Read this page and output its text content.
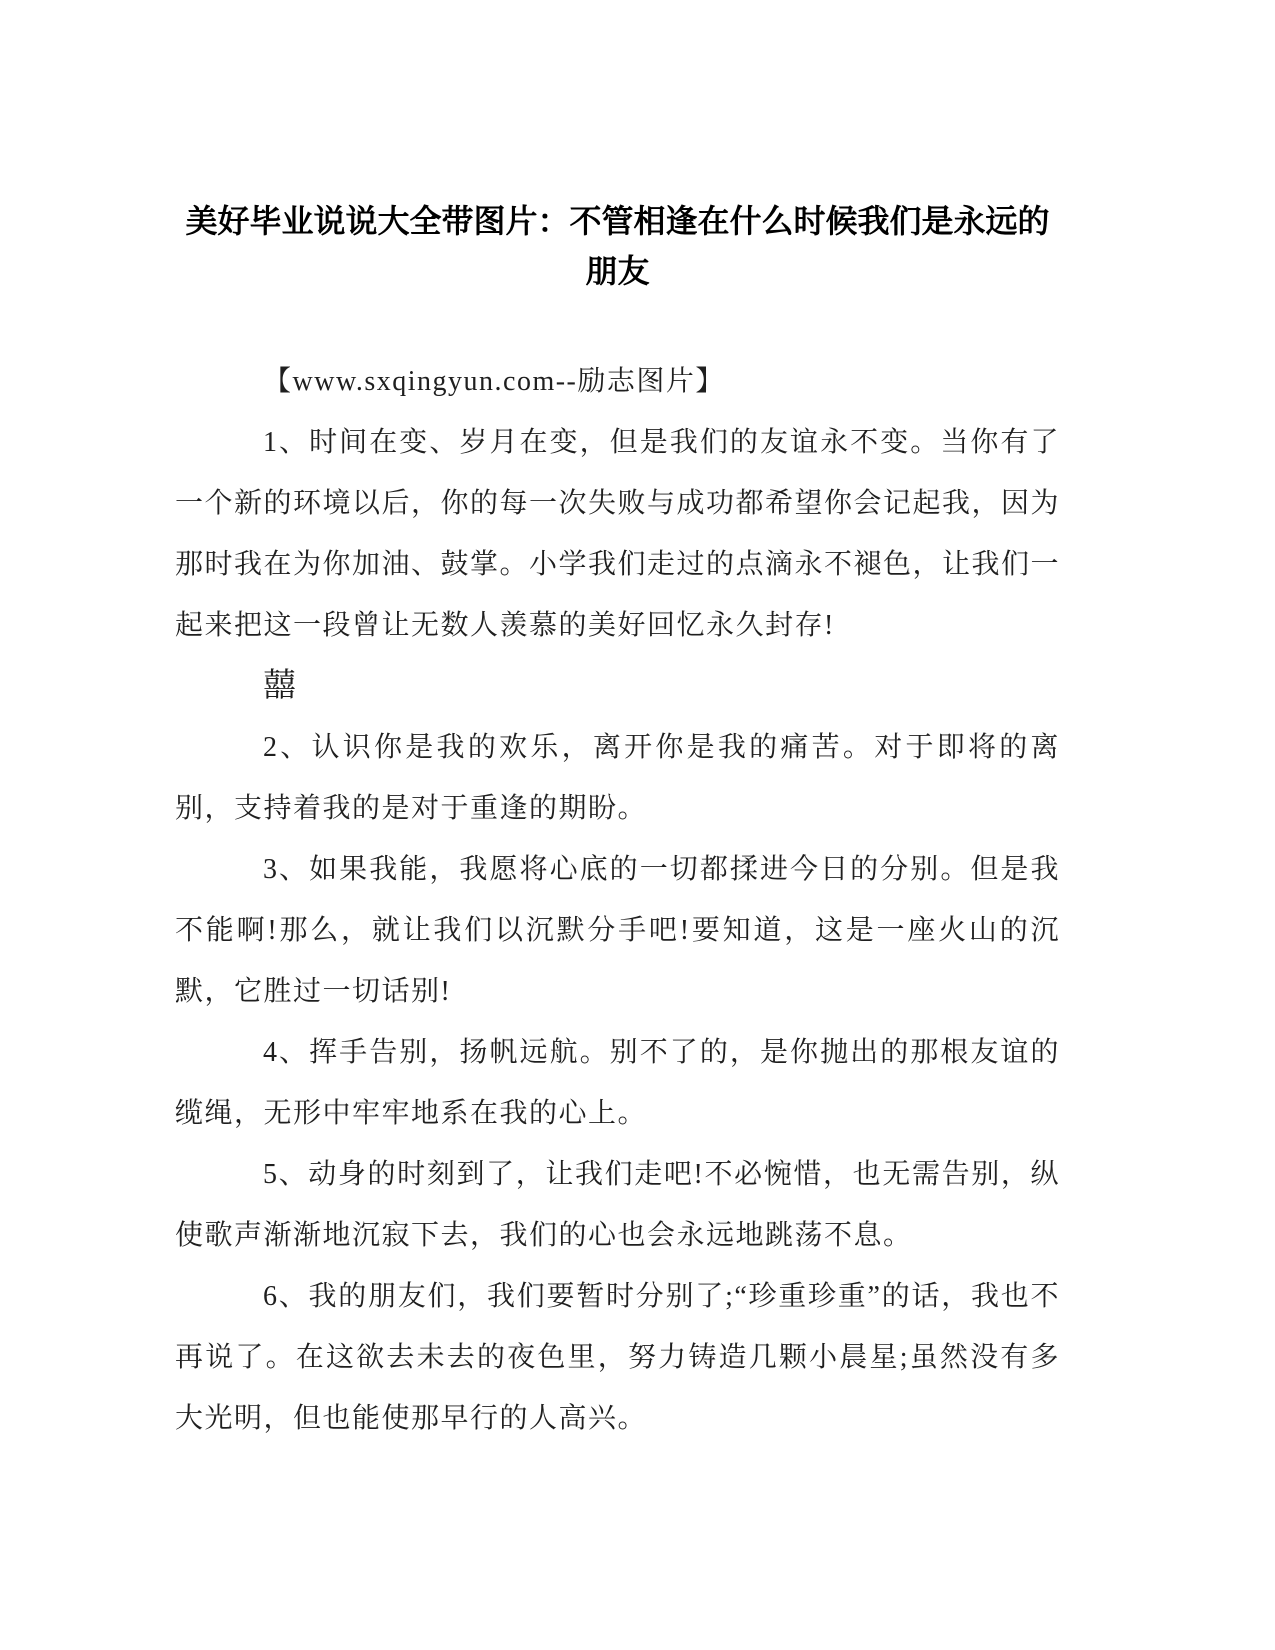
美好毕业说说大全带图片：不管相逢在什么时候我们是永远的朋友

【www.sxqingyun.com--励志图片】

1、时间在变、岁月在变，但是我们的友谊永不变。当你有了一个新的环境以后，你的每一次失败与成功都希望你会记起我，因为那时我在为你加油、鼓掌。小学我们走过的点滴永不褪色，让我们一起来把这一段曾让无数人羡慕的美好回忆永久封存!

囍

2、认识你是我的欢乐，离开你是我的痛苦。对于即将的离别，支持着我的是对于重逢的期盼。

3、如果我能，我愿将心底的一切都揉进今日的分别。但是我不能啊!那么，就让我们以沉默分手吧!要知道，这是一座火山的沉默，它胜过一切话别!

4、挥手告别，扬帆远航。别不了的，是你抛出的那根友谊的缆绳，无形中牢牢地系在我的心上。

5、动身的时刻到了，让我们走吧!不必惋惜，也无需告别，纵使歌声渐渐地沉寂下去，我们的心也会永远地跳荡不息。

6、我的朋友们，我们要暂时分别了;“珍重珍重”的话，我也不再说了。在这欲去未去的夜色里，努力铸造几颗小晨星;虽然没有多大光明，但也能使那早行的人高兴。
